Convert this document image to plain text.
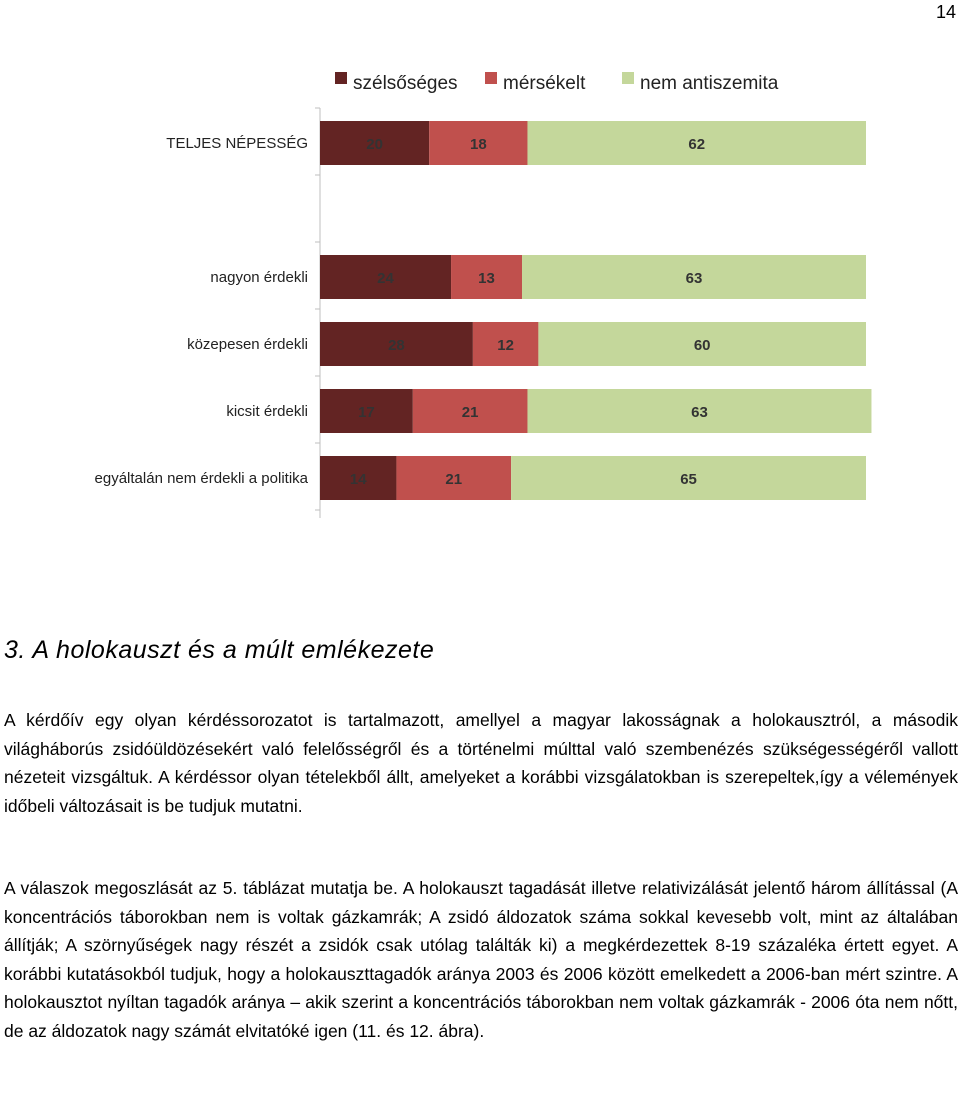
14
szélsőséges mérsékelt	nem antiszemita
TELJES NÉPESSÉG	20	18	62
nagyon érdekli	24	13	63
közepesen érdekli	28	12	60
kicsit érdekli	17	21	63
egyáltalán nem érdekli a politika	14	21	65
3. A holokauszt és a múlt emlékezete

A kérdőív egy olyan kérdéssorozatot is tartalmazott, amellyel a magyar lakosságnak a holokausztról, a második világháborús zsidóüldözésekért való felelősségről és a történelmi múlttal való szembenézés szükségességéről vallott nézeteit vizsgáltuk. A kérdéssor olyan tételekből állt, amelyeket a korábbi vizsgálatokban is szerepeltek,így a vélemények időbeli változásait is be tudjuk mutatni.

A válaszok megoszlását az 5. táblázat mutatja be. A holokauszt tagadását illetve relativizálását jelentő három állítással (A koncentrációs táborokban nem is voltak gázkamrák; A zsidó áldozatok száma sokkal kevesebb volt, mint az általában állítják; A szörnyűségek nagy részét a zsidók csak utólag találták ki) a megkérdezettek 8-19 százaléka értett egyet. A korábbi kutatásokból tudjuk, hogy a holokauszttagadók aránya 2003 és 2006 között emelkedett a 2006-ban mért szintre. A holokausztot nyíltan tagadók aránya – akik szerint a koncentrációs táborokban nem voltak gázkamrák - 2006 óta nem nőtt, de az áldozatok nagy számát elvitatóké igen (11. és 12. ábra).
